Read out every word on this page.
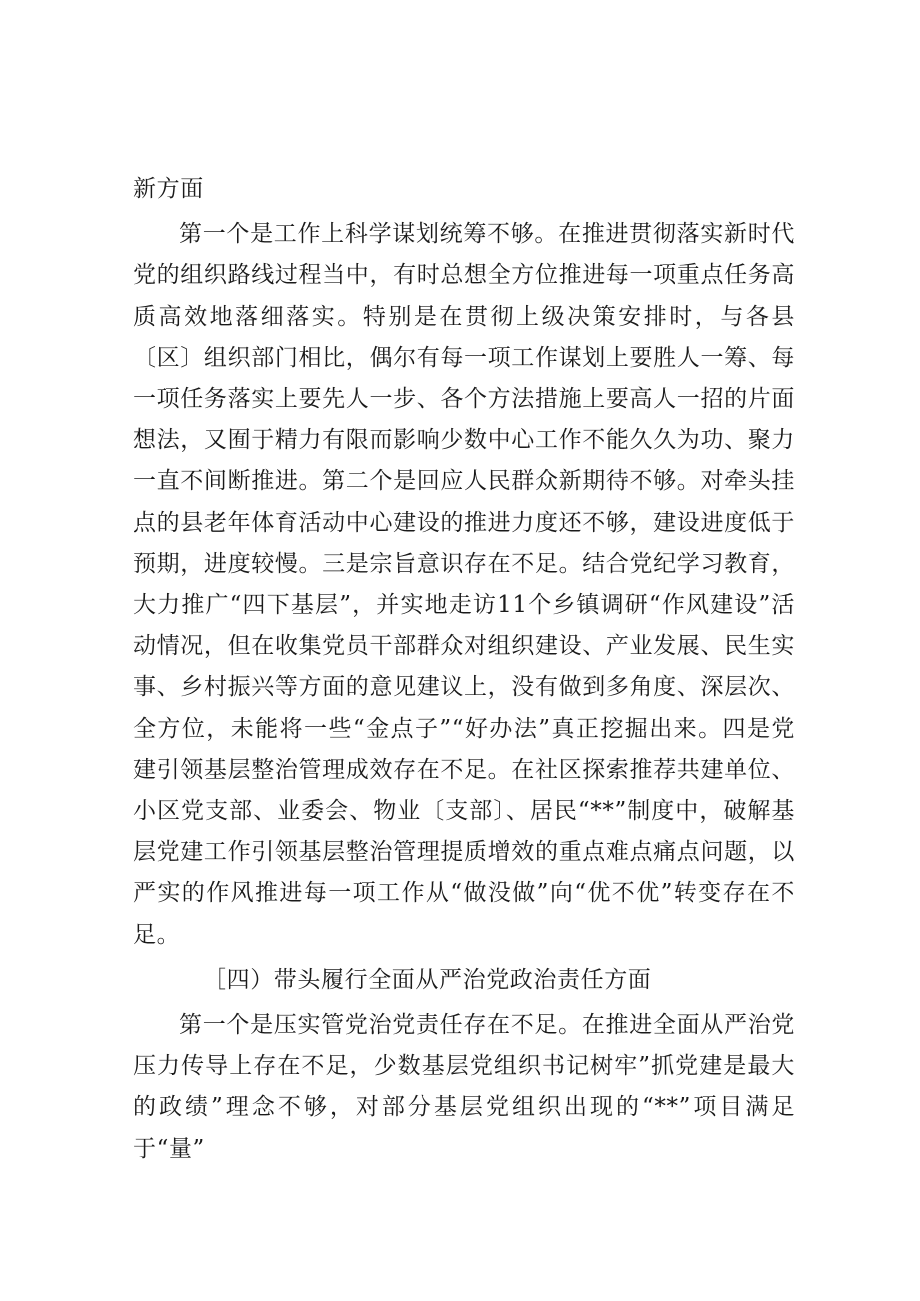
新方面

第一个是工作上科学谋划统筹不够。在推进贯彻落实新时代党的组织路线过程当中，有时总想全方位推进每一项重点任务高质高效地落细落实。特别是在贯彻上级决策安排时，与各县〔区〕组织部门相比，偶尔有每一项工作谋划上要胜人一筹、每一项任务落实上要先人一步、各个方法措施上要高人一招的片面想法，又囿于精力有限而影响少数中心工作不能久久为功、聚力一直不间断推进。第二个是回应人民群众新期待不够。对牵头挂点的县老年体育活动中心建设的推进力度还不够，建设进度低于预期，进度较慢。三是宗旨意识存在不足。结合党纪学习教育，大力推广“四下基层”，并实地走访11个乡镇调研“作风建设”活动情况，但在收集党员干部群众对组织建设、产业发展、民生实事、乡村振兴等方面的意见建议上，没有做到多角度、深层次、全方位，未能将一些“金点子”“好办法”真正挖掘出来。四是党建引领基层整治管理成效存在不足。在社区探索推荐共建单位、小区党支部、业委会、物业〔支部〕、居民“**”制度中，破解基层党建工作引领基层整治管理提质增效的重点难点痛点问题，以严实的作风推进每一项工作从“做没做”向“优不优”转变存在不足。

［四）带头履行全面从严治党政治责任方面

第一个是压实管党治党责任存在不足。在推进全面从严治党压力传导上存在不足，少数基层党组织书记树牢”抓党建是最大的政绩”理念不够，对部分基层党组织出现的“**”项目满足于“量”
